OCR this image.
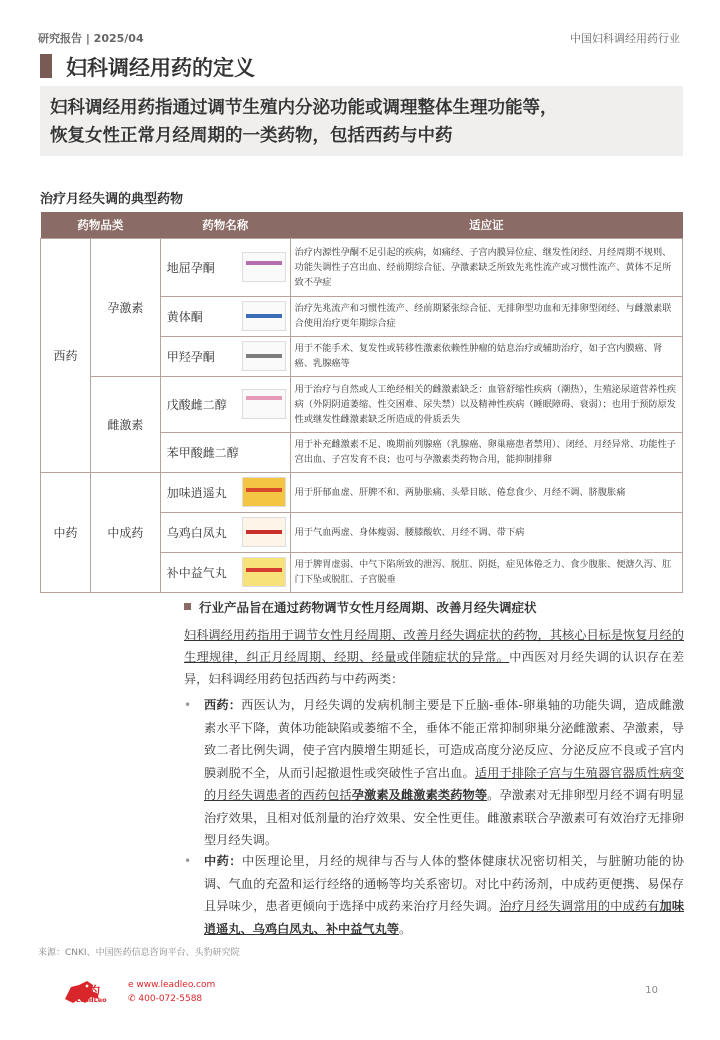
研究报告 | 2025/04	中国妇科调经用药行业
妇科调经用药的定义
妇科调经用药指通过调节生殖内分泌功能或调理整体生理功能等，
恢复女性正常月经周期的一类药物，包括西药与中药
治疗月经失调的典型药物
药物品类		药物名称	适应证
西药	孕激素	地屈孕酮	治疗内源性孕酮不足引起的疾病，如痛经、子宫内膜异位症、继发性闭经、月经周期不规则、功能失调性子宫出血、经前期综合征、孕激素缺乏所致先兆性流产或习惯性流产、黄体不足所致不孕症

		黄体酮	治疗先兆流产和习惯性流产、经前期紧张综合征、无排卵型功血和无排卵型闭经、与雌激素联合使用治疗更年期综合症

		甲羟孕酮	用于不能手术、复发性或转移性激素依赖性肿瘤的姑息治疗或辅助治疗，如子宫内膜癌、肾癌、乳腺癌等
	雌激素	戊酸雌二醇	用于治疗与自然或人工绝经相关的雌激素缺乏：血管舒缩性疾病（潮热），生殖泌尿道营养性疾病（外阴阴道萎缩、性交困难、尿失禁）以及精神性疾病（睡眠障碍、衰弱）；也用于预防原发性或继发性雌激素缺乏所造成的骨质丢失
		苯甲酸雌二醇	用于补充雌激素不足、晚期前列腺癌（乳腺癌、卵巢癌患者禁用）、闭经、月经异常、功能性子宫出血、子宫发育不良；也可与孕激素类药物合用，能抑制排卵
中药	中成药	加味逍遥丸	用于肝郁血虚、肝脾不和、两胁胀痛、头晕目眩、倦怠食少、月经不调、脐腹胀痛

		乌鸡白凤丸	用于气血两虚、身体瘦弱、腰膝酸软、月经不调、带下病

		补中益气丸	用于脾胃虚弱、中气下陷所致的泄泻、脱肛、阴挺，症见体倦乏力、食少腹胀、便溏久泻、肛门下坠或脱肛、子宫脱垂
行业产品旨在通过药物调节女性月经周期、改善月经失调症状
妇科调经用药指用于调节女性月经周期、改善月经失调症状的药物，其核心目标是恢复月经的生理规律，纠正月经周期、经期、经量或伴随症状的异常。中西医对月经失调的认识存在差异，妇科调经用药包括西药与中药两类：
• 西药：西医认为，月经失调的发病机制主要是下丘脑-垂体-卵巢轴的功能失调，造成雌激素水平下降，黄体功能缺陷或萎缩不全，垂体不能正常抑制卵巢分泌雌激素、孕激素，导致二者比例失调，使子宫内膜增生期延长，可造成高度分泌反应、分泌反应不良或子宫内膜剥脱不全，从而引起撤退性或突破性子宫出血。适用于排除子宫与生殖器官器质性病变的月经失调患者的西药包括孕激素及雌激素类药物等。孕激素对无排卵型月经不调有明显治疗效果，且相对低剂量的治疗效果、安全性更佳。雌激素联合孕激素可有效治疗无排卵型月经失调。
• 中药：中医理论里，月经的规律与否与人体的整体健康状况密切相关，与脏腑功能的协调、气血的充盈和运行经络的通畅等均关系密切。对比中药汤剂，中成药更便携、易保存且异味少，患者更倾向于选择中成药来治疗月经失调。治疗月经失调常用的中成药有加味逍遥丸、乌鸡白凤丸、补中益气丸等。
来源：CNKI、中国医药信息咨询平台、头豹研究院
头豹
LeadLeo
e www.leadleo.com
✆ 400-072-5588
10
